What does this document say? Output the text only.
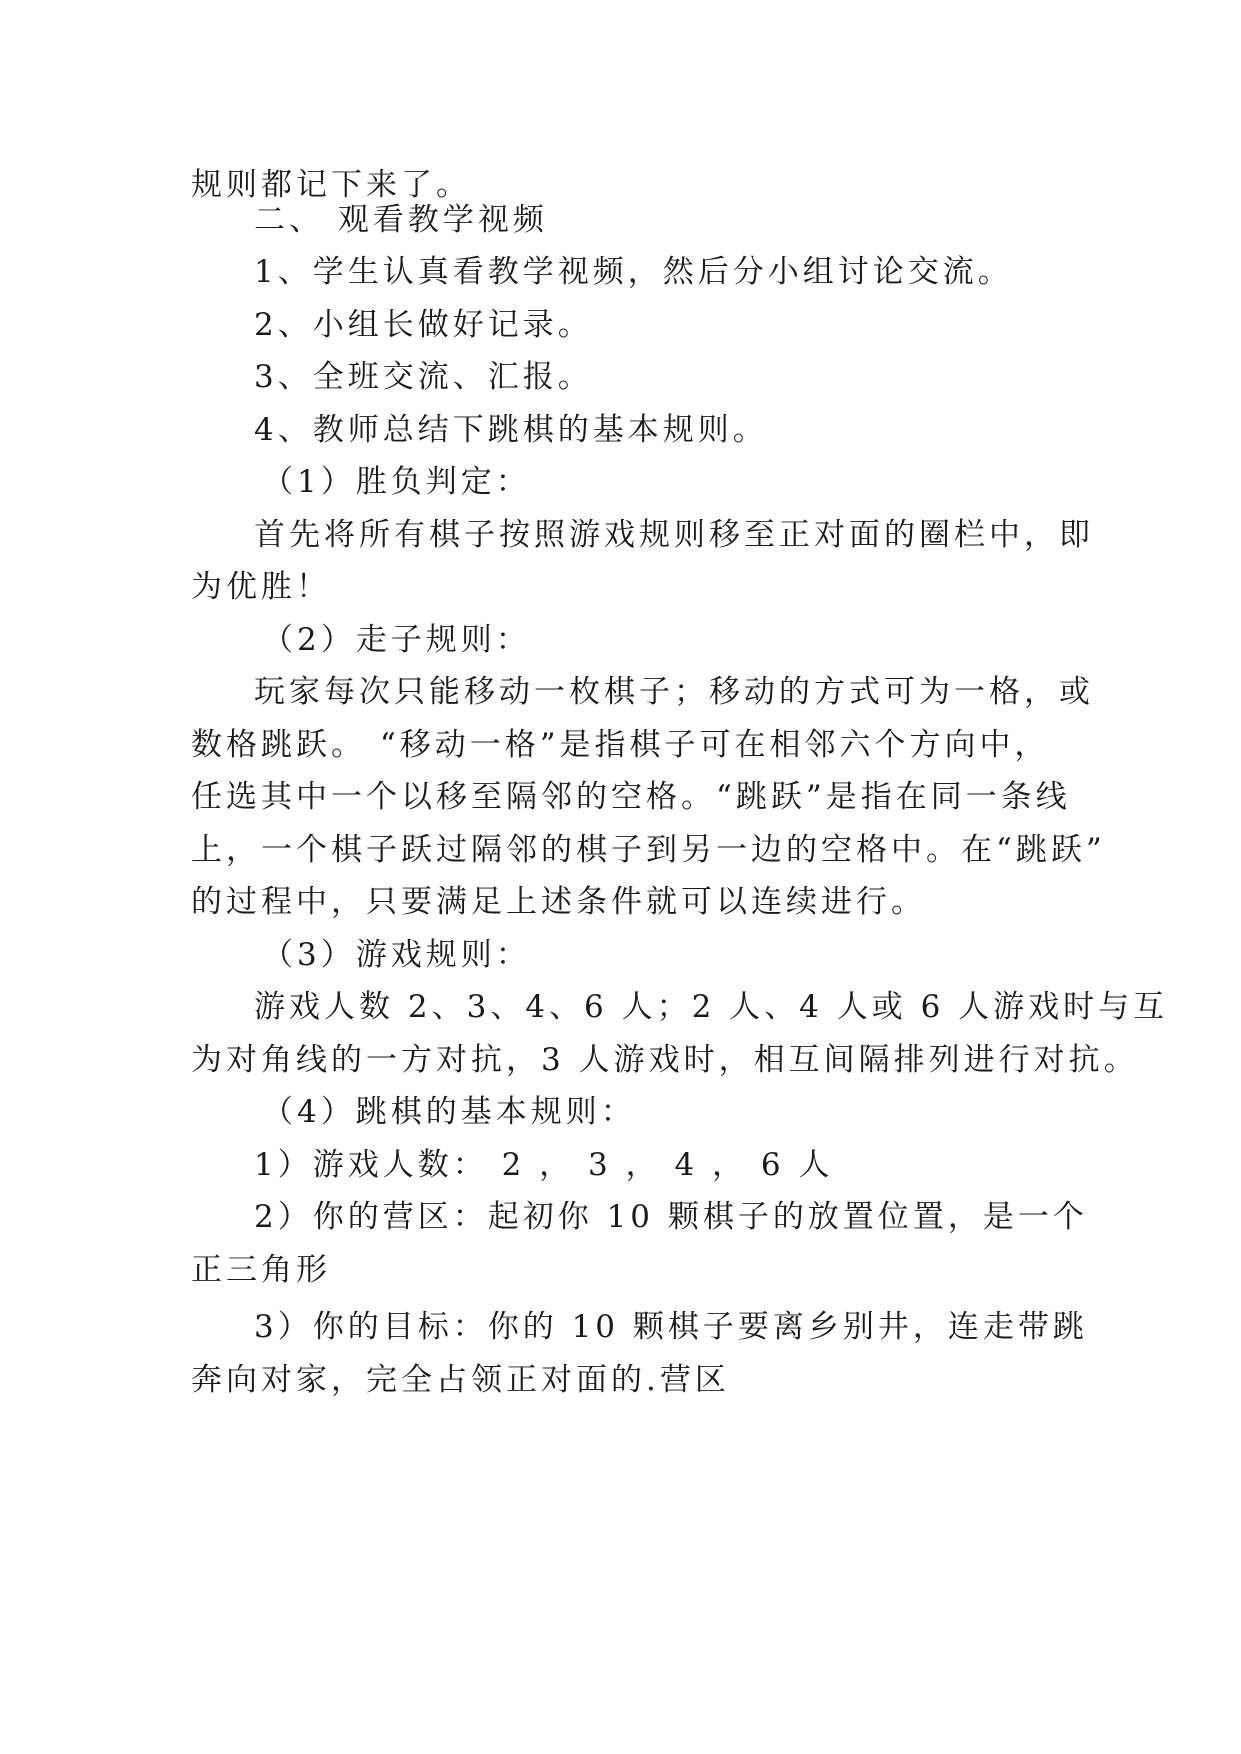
规则都记下来了。
二、 观看教学视频
1、学生认真看教学视频，然后分小组讨论交流。
2、小组长做好记录。
3、全班交流、汇报。
4、教师总结下跳棋的基本规则。
（1）胜负判定：
首先将所有棋子按照游戏规则移至正对面的圈栏中，即
为优胜！
（2）走子规则：
玩家每次只能移动一枚棋子；移动的方式可为一格，或
数格跳跃。 “移动一格”是指棋子可在相邻六个方向中，
任选其中一个以移至隔邻的空格。“跳跃”是指在同一条线
上，一个棋子跃过隔邻的棋子到另一边的空格中。在“跳跃”
的过程中，只要满足上述条件就可以连续进行。
（3）游戏规则：
游戏人数 2、3、4、6 人；2 人、4 人或 6 人游戏时与互
为对角线的一方对抗，3 人游戏时，相互间隔排列进行对抗。
（4）跳棋的基本规则：
1）游戏人数： 2 ， 3 ， 4 ， 6 人
2）你的营区：起初你 10 颗棋子的放置位置，是一个
正三角形
3）你的目标：你的 10 颗棋子要离乡别井，连走带跳
奔向对家，完全占领正对面的.营区
